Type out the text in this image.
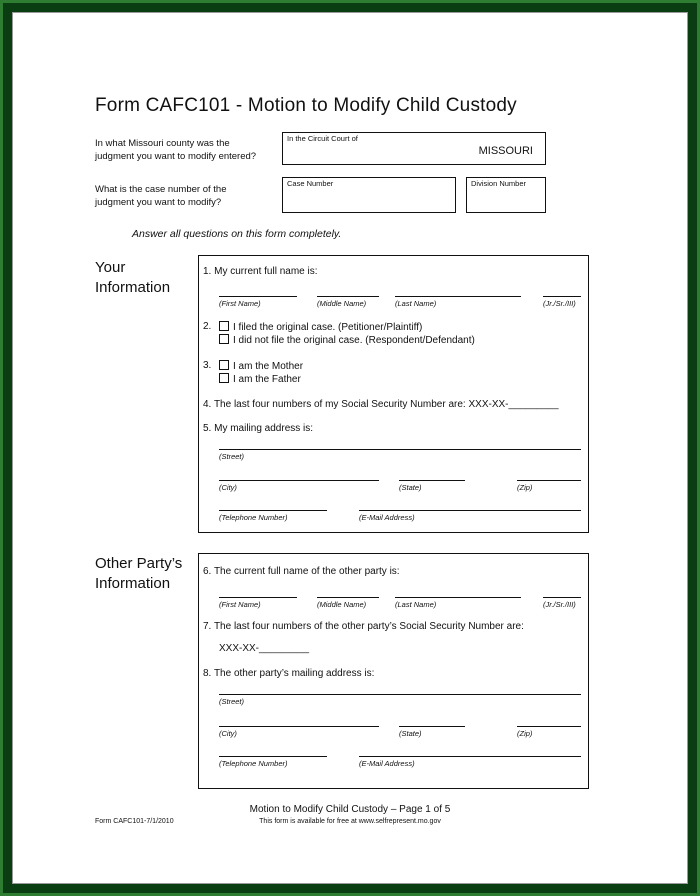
Form CAFC101 - Motion to Modify Child Custody
In what Missouri county was the
judgment you want to modify entered?
In the Circuit Court of
MISSOURI
What is the case number of the
judgment you want to modify?
Case Number	Division Number
Answer all questions on this form completely.
Your
Information
1. My current full name is:
(First Name)	(Middle Name)	(Last Name)	(Jr./Sr./III)
2.	I filed the original case. (Petitioner/Plaintiff)
I did not file the original case. (Respondent/Defendant)
3.	I am the Mother
I am the Father
4. The last four numbers of my Social Security Number are: XXX-XX-_________
5. My mailing address is:
(Street)
(City)	(State)	(Zip)
(Telephone Number)	(E-Mail Address)
Other Party’s
Information
6. The current full name of the other party is:
(First Name)	(Middle Name)	(Last Name)	(Jr./Sr./III)
7. The last four numbers of the other party’s Social Security Number are:
XXX-XX-_________
8. The other party’s mailing address is:
(Street)
(City)	(State)	(Zip)
(Telephone Number)	(E-Mail Address)
Motion to Modify Child Custody – Page 1 of 5
Form CAFC101-7/1/2010	This form is available for free at www.selfrepresent.mo.gov
